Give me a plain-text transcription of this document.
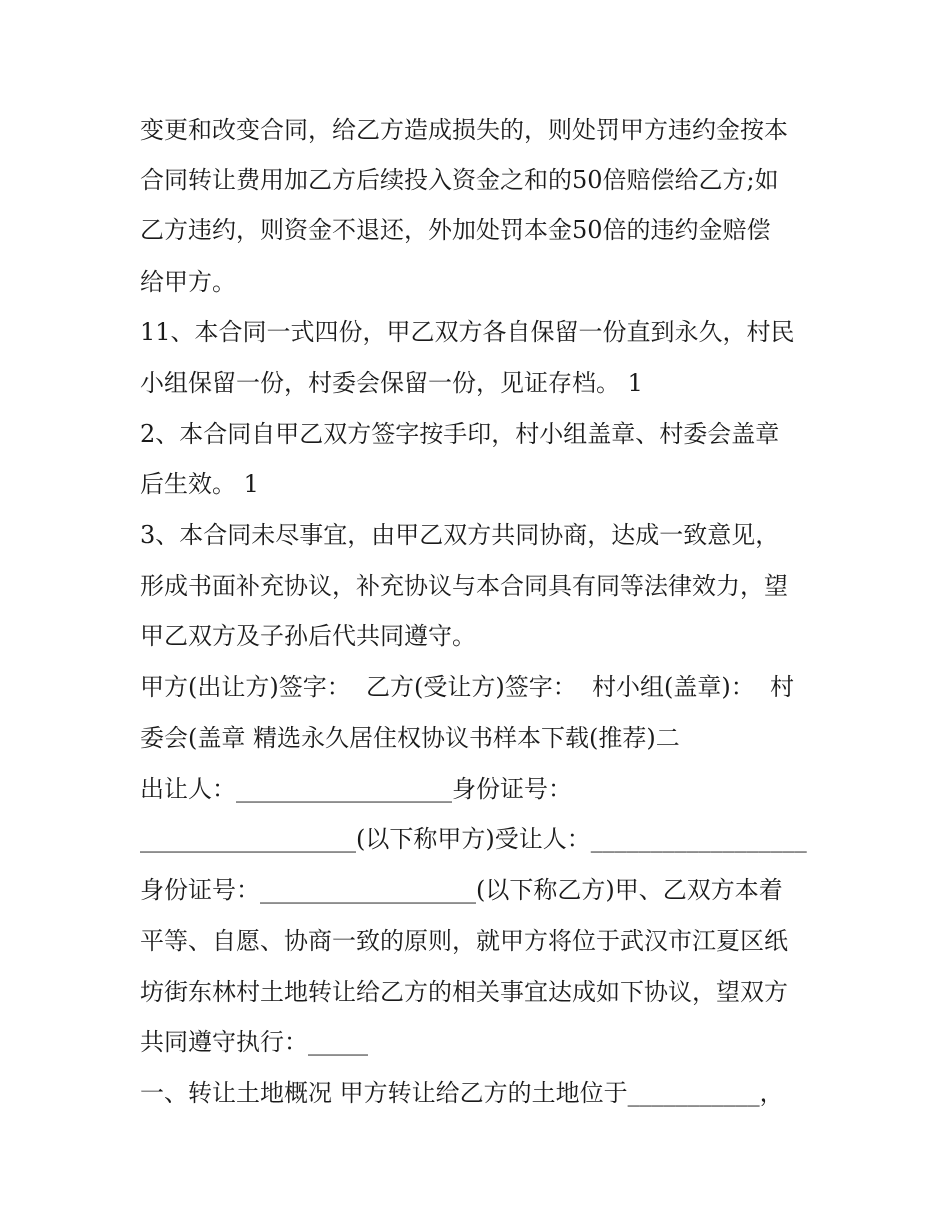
变更和改变合同，给乙方造成损失的，则处罚甲方违约金按本
合同转让费用加乙方后续投入资金之和的50倍赔偿给乙方;如
乙方违约，则资金不退还，外加处罚本金50倍的违约金赔偿
给甲方。
11、本合同一式四份，甲乙双方各自保留一份直到永久，村民
小组保留一份，村委会保留一份，见证存档。 1
2、本合同自甲乙双方签字按手印，村小组盖章、村委会盖章
后生效。 1
3、本合同未尽事宜，由甲乙双方共同协商，达成一致意见，
形成书面补充协议，补充协议与本合同具有同等法律效力，望
甲乙双方及子孙后代共同遵守。
甲方(出让方)签字：  乙方(受让方)签字：  村小组(盖章)：  村
委会(盖章 精选永久居住权协议书样本下载(推荐)二
出让人：__________________身份证号：
__________________(以下称甲方)受让人：__________________
身份证号：__________________(以下称乙方)甲、乙双方本着
平等、自愿、协商一致的原则，就甲方将位于武汉市江夏区纸
坊街东林村土地转让给乙方的相关事宜达成如下协议，望双方
共同遵守执行：_____
一、转让土地概况 甲方转让给乙方的土地位于___________，
